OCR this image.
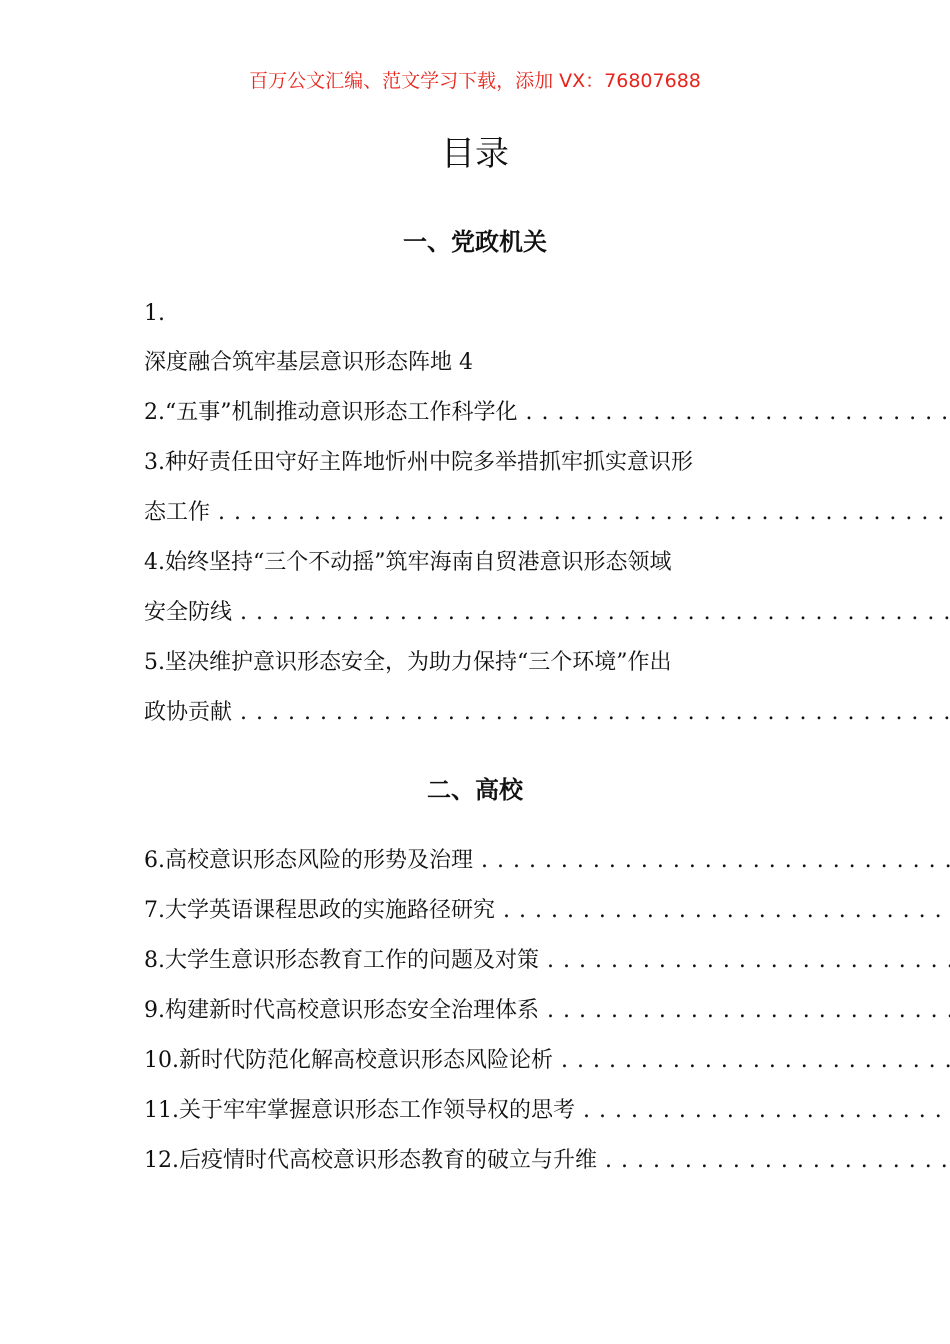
百万公文汇编、范文学习下载，添加 VX：76807688
目录
一、党政机关
1.
深度融合筑牢基层意识形态阵地 4
2.“五事”机制推动意识形态工作科学化 . . .
3.种好责任田守好主阵地忻州中院多举措抓牢抓实意识形
态工作 . . .
4.始终坚持“三个不动摇”筑牢海南自贸港意识形态领域
安全防线 . . .
5.坚决维护意识形态安全，为助力保持“三个环境”作出
政协贡献 . . .
二、高校
6.高校意识形态风险的形势及治理 . . .
7.大学英语课程思政的实施路径研究 . . .
8.大学生意识形态教育工作的问题及对策 . . .
9.构建新时代高校意识形态安全治理体系 . . .
10.新时代防范化解高校意识形态风险论析 . . .
11.关于牢牢掌握意识形态工作领导权的思考 . . .
12.后疫情时代高校意识形态教育的破立与升维 . . .
